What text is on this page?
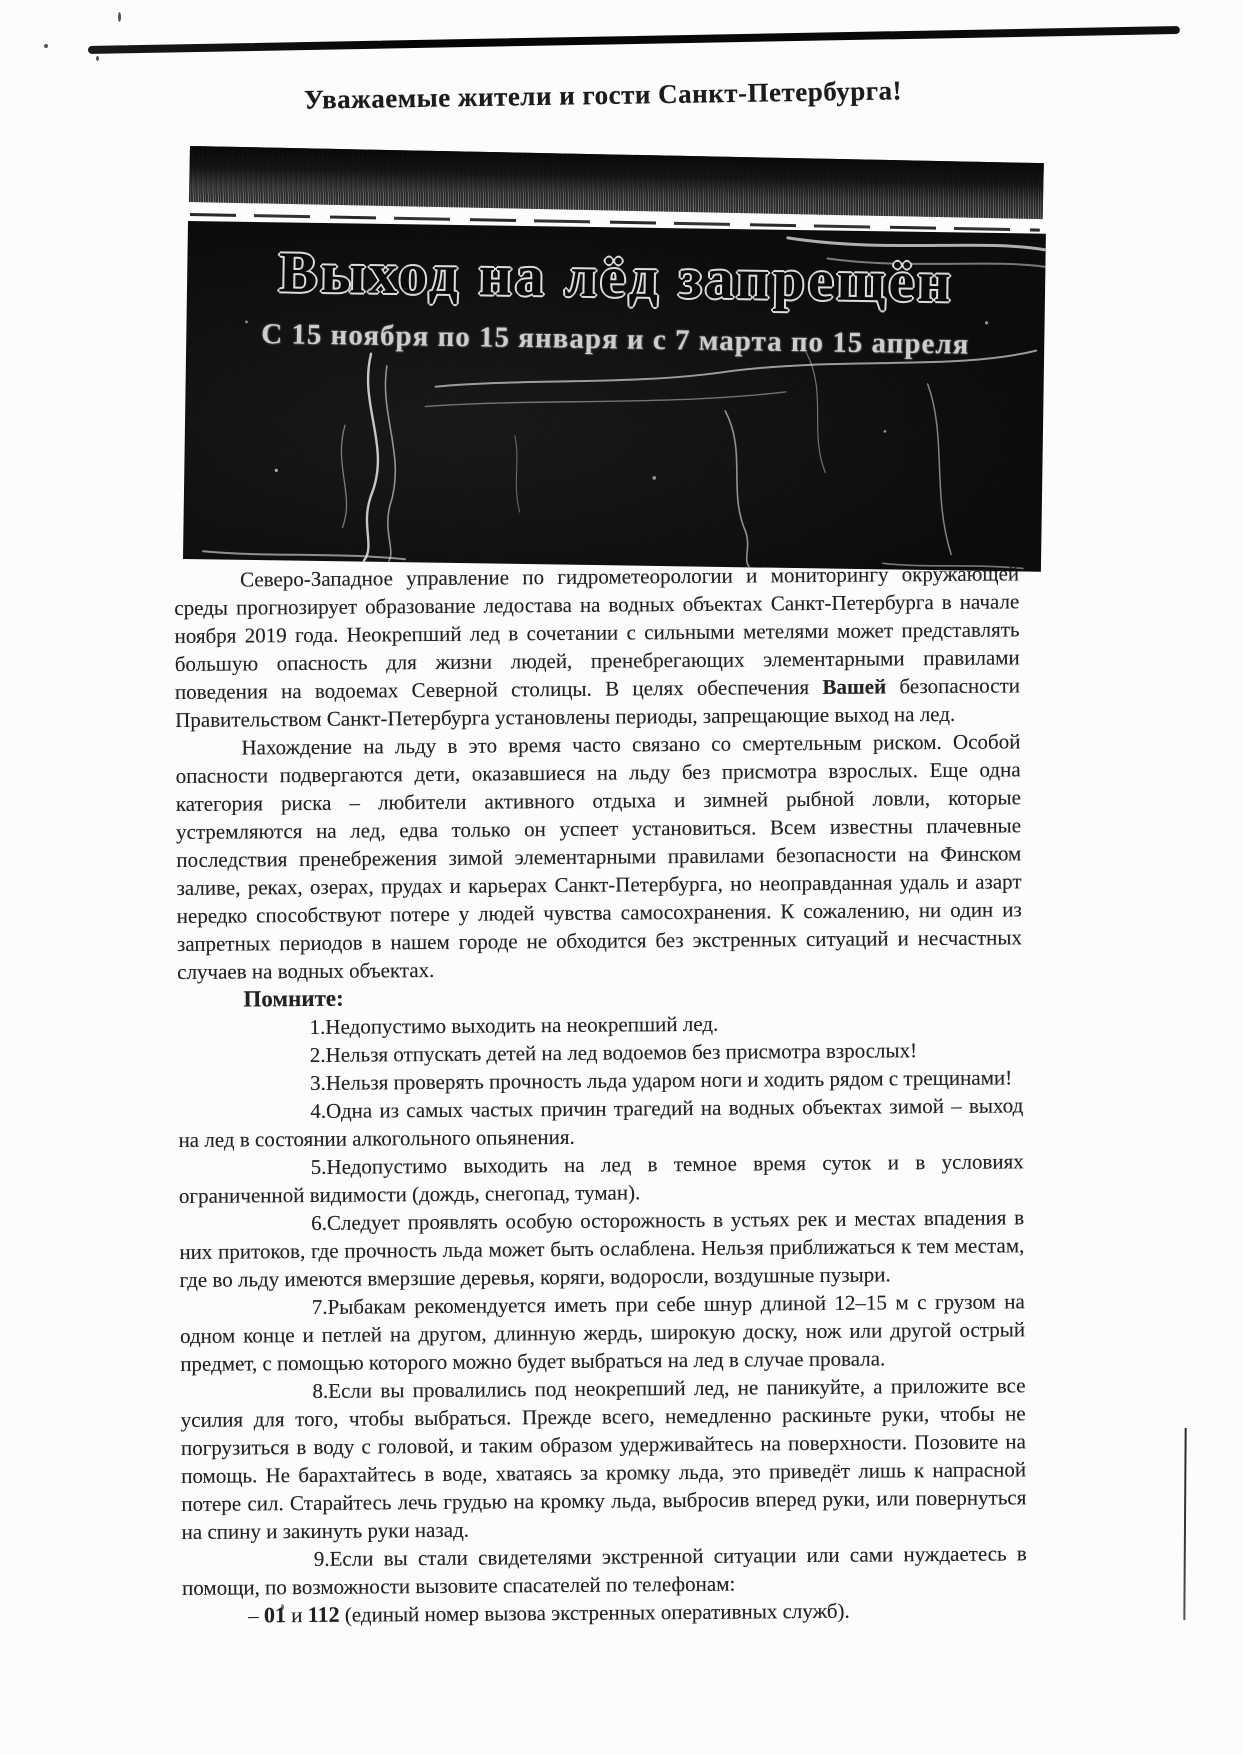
Уважаемые жители и гости Санкт-Петербурга!
Выход на лёд запрещён
С 15 ноября по 15 января и с 7 марта по 15 апреля

Северо-Западное управление по гидрометеорологии и мониторингу окружающей среды прогнозирует образование ледостава на водных объектах Санкт-Петербурга в начале ноября 2019 года. Неокрепший лед в сочетании с сильными метелями может представлять большую опасность для жизни людей, пренебрегающих элементарными правилами поведения на водоемах Северной столицы. В целях обеспечения Вашей безопасности Правительством Санкт-Петербурга установлены периоды, запрещающие выход на лед.

Нахождение на льду в это время часто связано со смертельным риском. Особой опасности подвергаются дети, оказавшиеся на льду без присмотра взрослых. Еще одна категория риска – любители активного отдыха и зимней рыбной ловли, которые устремляются на лед, едва только он успеет установиться. Всем известны плачевные последствия пренебрежения зимой элементарными правилами безопасности на Финском заливе, реках, озерах, прудах и карьерах Санкт-Петербурга, но неоправданная удаль и азарт нередко способствуют потере у людей чувства самосохранения. К сожалению, ни один из запретных периодов в нашем городе не обходится без экстренных ситуаций и несчастных случаев на водных объектах.

Помните:

1.Недопустимо выходить на неокрепший лед.

2.Нельзя отпускать детей на лед водоемов без присмотра взрослых!

3.Нельзя проверять прочность льда ударом ноги и ходить рядом с трещинами!

4.Одна из самых частых причин трагедий на водных объектах зимой – выход на лед в состоянии алкогольного опьянения.

5.Недопустимо выходить на лед в темное время суток и в условиях ограниченной видимости (дождь, снегопад, туман).

6.Следует проявлять особую осторожность в устьях рек и местах впадения в них притоков, где прочность льда может быть ослаблена. Нельзя приближаться к тем местам, где во льду имеются вмерзшие деревья, коряги, водоросли, воздушные пузыри.

7.Рыбакам рекомендуется иметь при себе шнур длиной 12–15 м с грузом на одном конце и петлей на другом, длинную жердь, широкую доску, нож или другой острый предмет, с помощью которого можно будет выбраться на лед в случае провала.

8.Если вы провалились под неокрепший лед, не паникуйте, а приложите все усилия для того, чтобы выбраться. Прежде всего, немедленно раскиньте руки, чтобы не погрузиться в воду с головой, и таким образом удерживайтесь на поверхности. Позовите на помощь. Не барахтайтесь в воде, хватаясь за кромку льда, это приведёт лишь к напрасной потере сил. Старайтесь лечь грудью на кромку льда, выбросив вперед руки, или повернуться на спину и закинуть руки назад.

9.Если вы стали свидетелями экстренной ситуации или сами нуждаетесь в помощи, по возможности вызовите спасателей по телефонам:

– 01 и 112 (единый номер вызова экстренных оперативных служб).
